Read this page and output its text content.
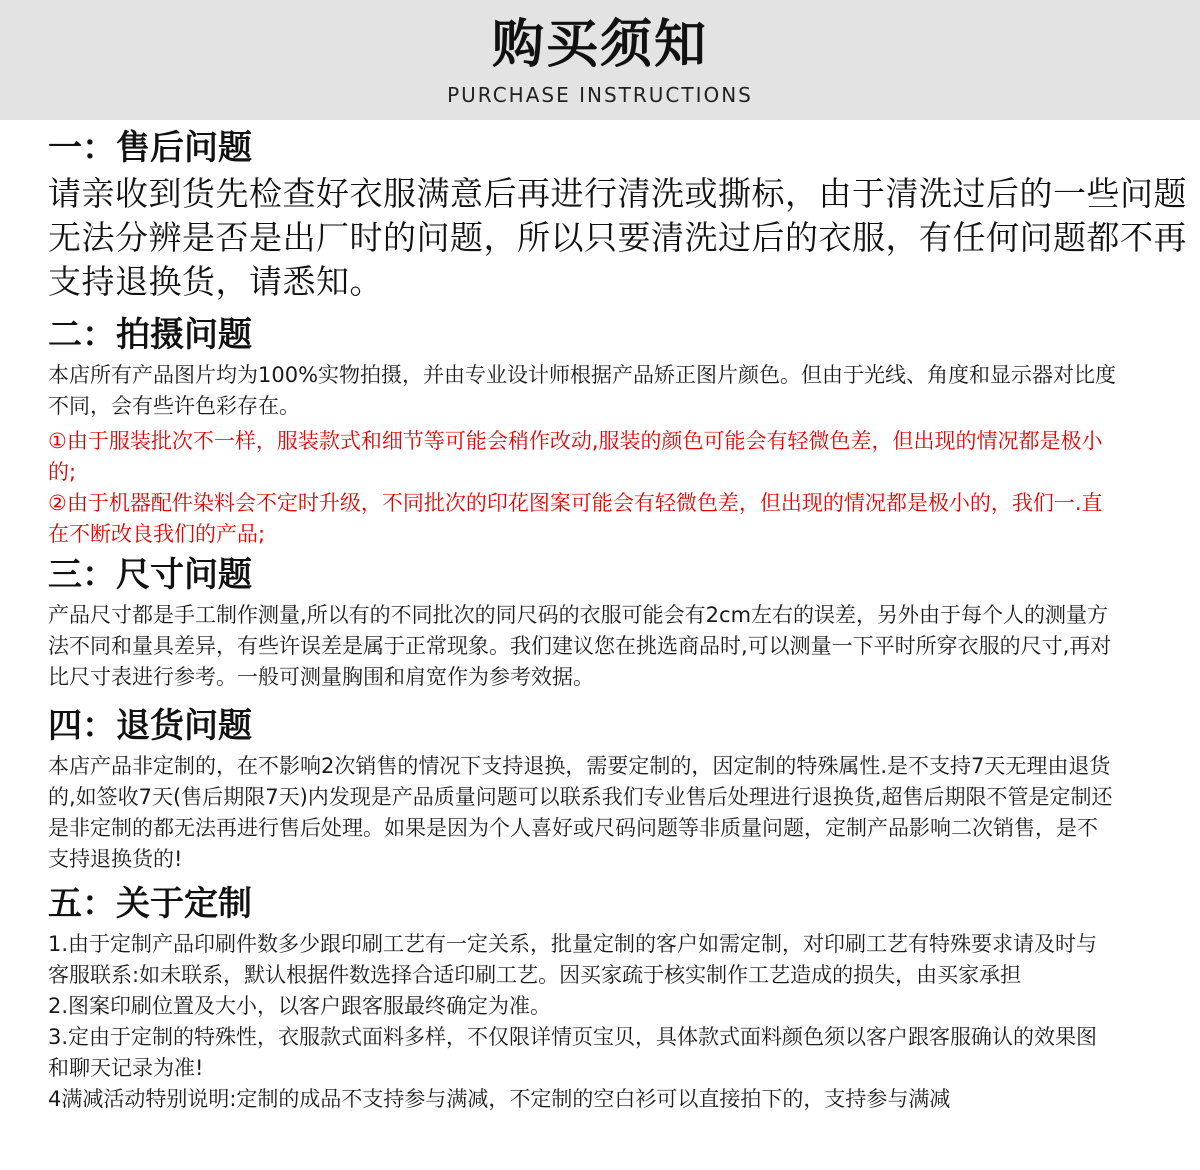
购买须知
PURCHASE INSTRUCTIONS
一：售后问题

请亲收到货先检查好衣服满意后再进行清洗或撕标，由于清洗过后的一些问题无法分辨是否是出厂时的问题，所以只要清洗过后的衣服，有任何问题都不再支持退换货，请悉知。

二：拍摄问题

本店所有产品图片均为100%实物拍摄，并由专业设计师根据产品矫正图片颜色。但由于光线、角度和显示器对比度不同，会有些许色彩存在。

①由于服装批次不一样，服装款式和细节等可能会稍作改动,服装的颜色可能会有轻微色差，但出现的情况都是极小的;

②由于机器配件染料会不定时升级，不同批次的印花图案可能会有轻微色差，但出现的情况都是极小的，我们一.直在不断改良我们的产品;

三：尺寸问题

产品尺寸都是手工制作测量,所以有的不同批次的同尺码的衣服可能会有2cm左右的误差，另外由于每个人的测量方法不同和量具差异，有些许误差是属于正常现象。我们建议您在挑选商品时,可以测量一下平时所穿衣服的尺寸,再对比尺寸表进行参考。一般可测量胸围和肩宽作为参考效据。

四：退货问题

本店产品非定制的，在不影响2次销售的情况下支持退换，需要定制的，因定制的特殊属性.是不支持7天无理由退货的,如签收7天(售后期限7天)内发现是产品质量问题可以联系我们专业售后处理进行退换货,超售后期限不管是定制还是非定制的都无法再进行售后处理。如果是因为个人喜好或尺码问题等非质量问题，定制产品影响二次销售，是不支持退换货的!

五：关于定制

1.由于定制产品印刷件数多少跟印刷工艺有一定关系，批量定制的客户如需定制，对印刷工艺有特殊要求请及时与客服联系:如未联系，默认根据件数选择合适印刷工艺。因买家疏于核实制作工艺造成的损失，由买家承担

2.图案印刷位置及大小，以客户跟客服最终确定为准。

3.定由于定制的特殊性，衣服款式面料多样，不仅限详情页宝贝，具体款式面料颜色须以客户跟客服确认的效果图和聊天记录为准!

4满减活动特别说明:定制的成品不支持参与满减，不定制的空白衫可以直接拍下的，支持参与满减
